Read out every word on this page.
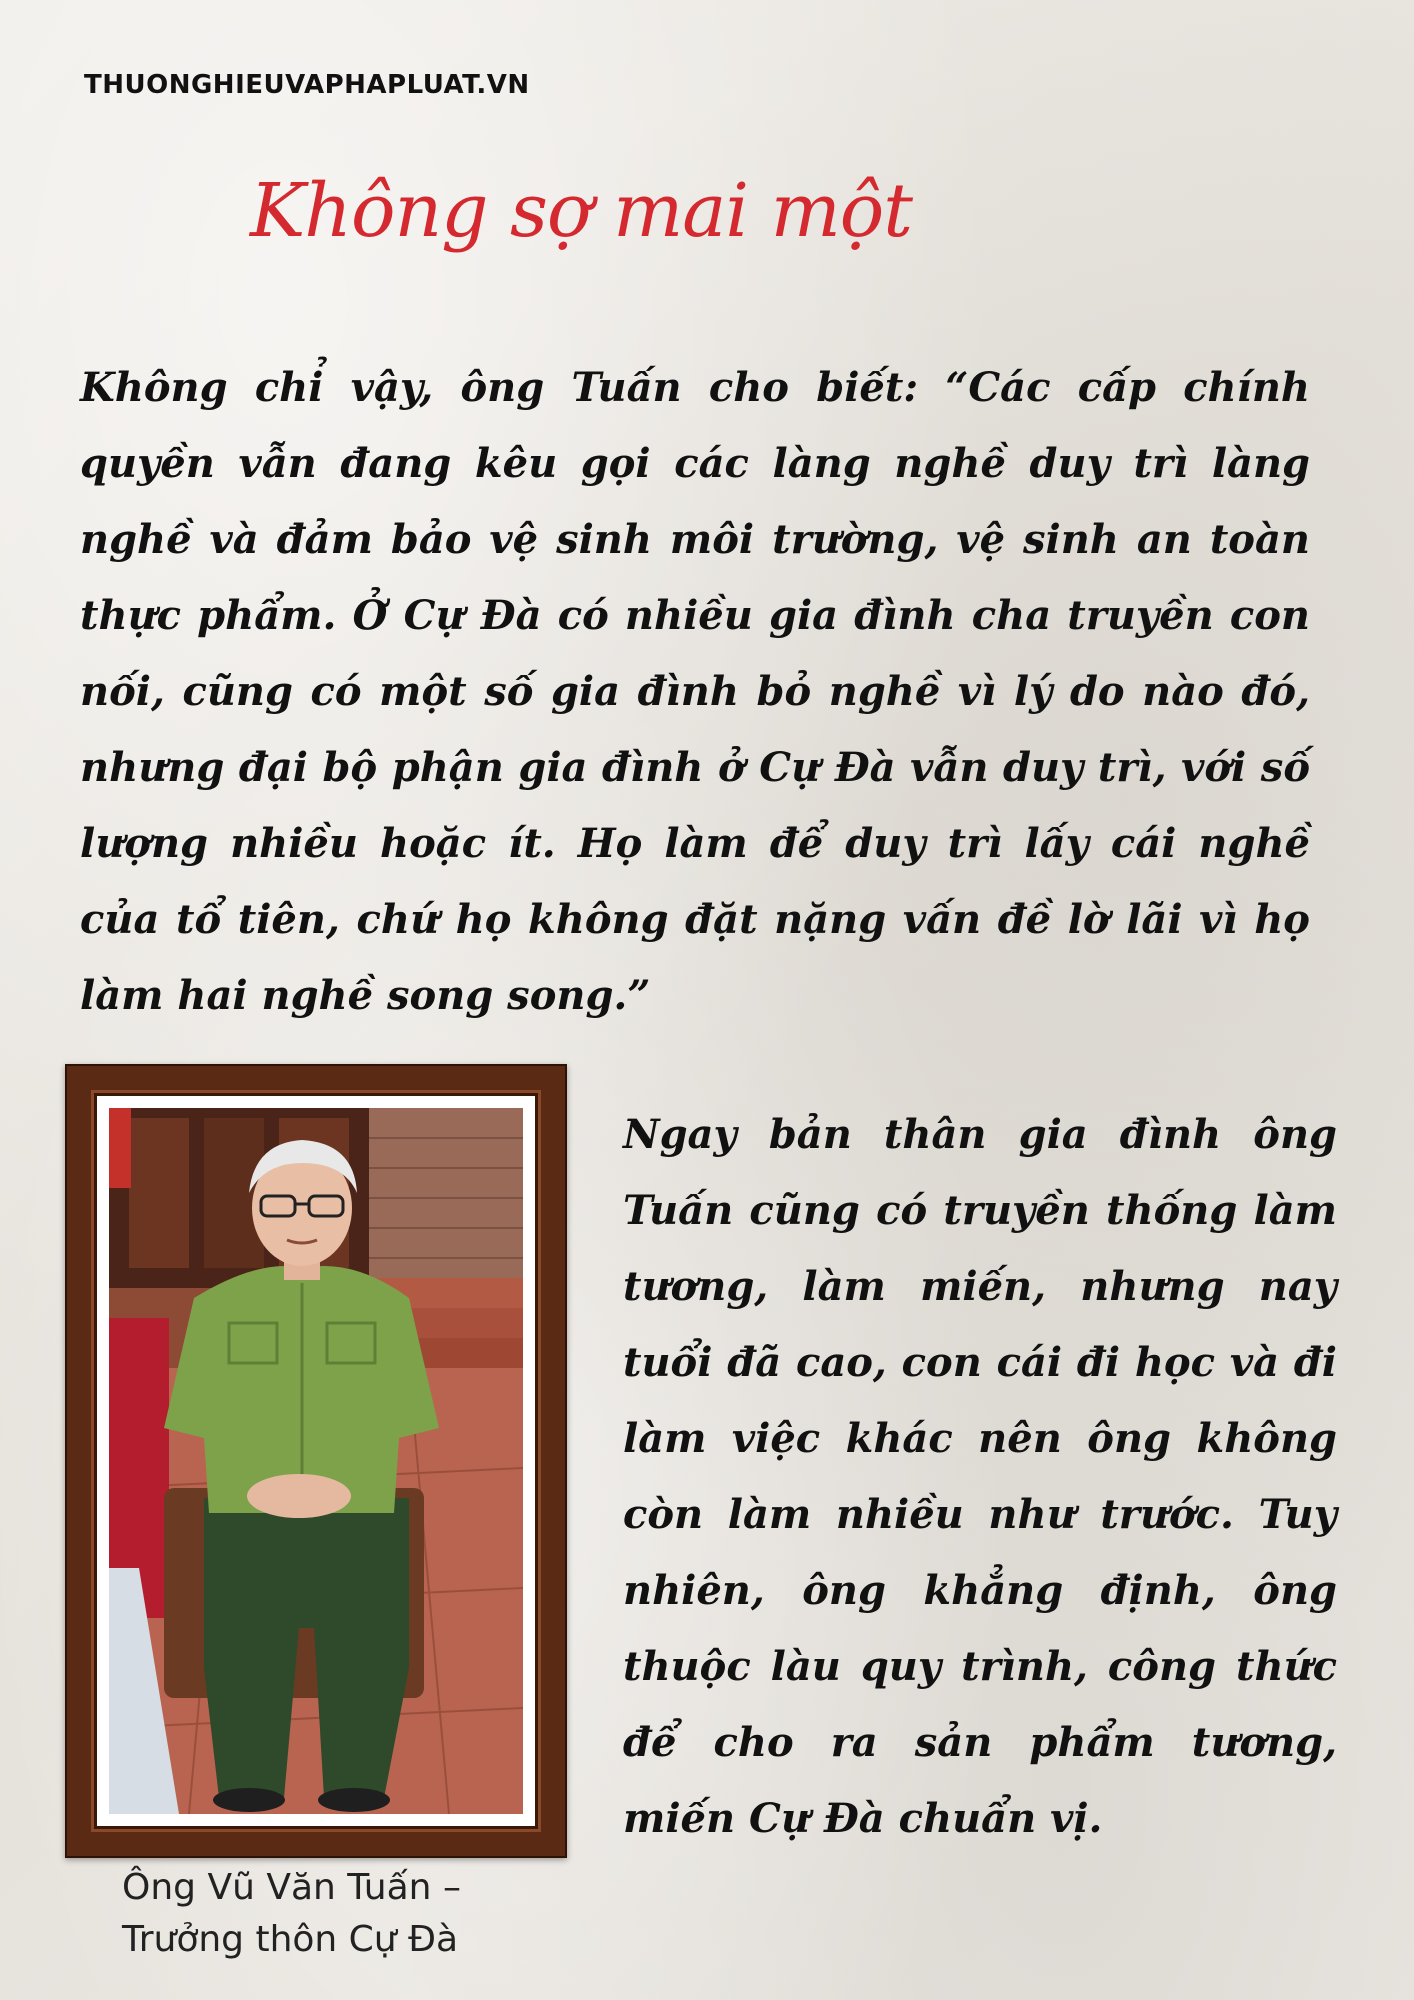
THUONGHIEUVAPHAPLUAT.VN
Không sợ mai một

Không chỉ vậy, ông Tuấn cho biết: “Các cấp chính quyền vẫn đang kêu gọi các làng nghề duy trì làng nghề và đảm bảo vệ sinh môi trường, vệ sinh an toàn thực phẩm. Ở Cự Đà có nhiều gia đình cha truyền con nối, cũng có một số gia đình bỏ nghề vì lý do nào đó, nhưng đại bộ phận gia đình ở Cự Đà vẫn duy trì, với số lượng nhiều hoặc ít. Họ làm để duy trì lấy cái nghề của tổ tiên, chứ họ không đặt nặng vấn đề lờ lãi vì họ làm hai nghề song song.”

Ông Vũ Văn Tuấn –
Trưởng thôn Cự Đà

Ngay bản thân gia đình ông Tuấn cũng có truyền thống làm tương, làm miến, nhưng nay tuổi đã cao, con cái đi học và đi làm việc khác nên ông không còn làm nhiều như trước. Tuy nhiên, ông khẳng định, ông thuộc làu quy trình, công thức để cho ra sản phẩm tương, miến Cự Đà chuẩn vị.
